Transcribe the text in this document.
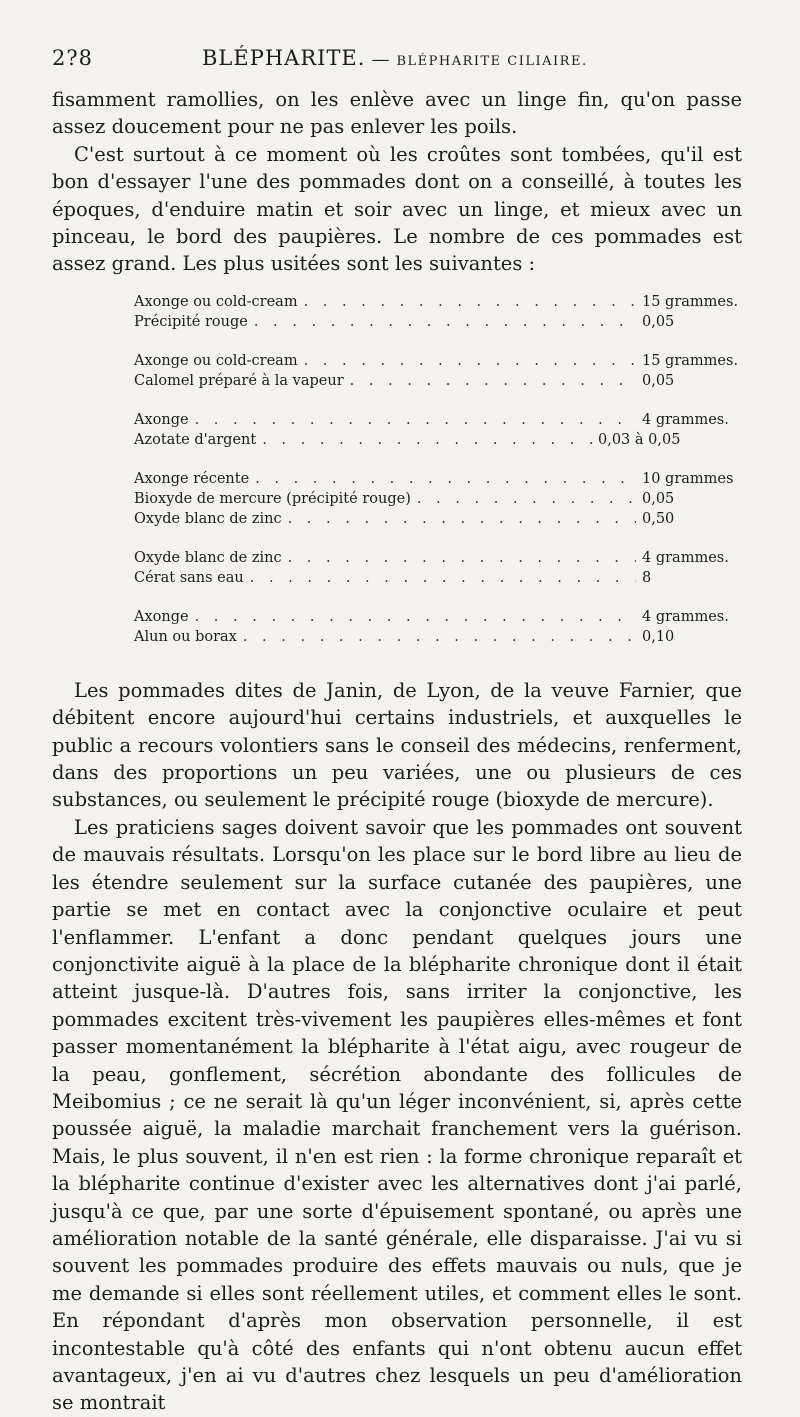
2?8	BLÉPHARITE. — BLÉPHARITE CILIAIRE.

fisamment ramollies, on les enlève avec un linge fin, qu'on passe assez doucement pour ne pas enlever les poils.

C'est surtout à ce moment où les croûtes sont tombées, qu'il est bon d'essayer l'une des pommades dont on a conseillé, à toutes les époques, d'enduire matin et soir avec un linge, et mieux avec un pinceau, le bord des paupières. Le nombre de ces pommades est assez grand. Les plus usitées sont les suivantes :

Axonge ou cold-cream . . .	15 grammes.
Précipité rouge . . .	0,05
Axonge ou cold-cream . . .	15 grammes.
Calomel préparé à la vapeur . . .	0,05
Axonge . . .	4 grammes.
Azotate d'argent . . .	0,03 à 0,05
Axonge récente . . .	10 grammes
Bioxyde de mercure (précipité rouge) . . .	0,05
Oxyde blanc de zinc . . .	0,50
Oxyde blanc de zinc . . .	4 grammes.
Cérat sans eau . . .	8
Axonge . . .	4 grammes.
Alun ou borax . . .	0,10

Les pommades dites de Janin, de Lyon, de la veuve Farnier, que débitent encore aujourd'hui certains industriels, et auxquelles le public a recours volontiers sans le conseil des médecins, renferment, dans des proportions un peu variées, une ou plusieurs de ces substances, ou seulement le précipité rouge (bioxyde de mercure).

Les praticiens sages doivent savoir que les pommades ont souvent de mauvais résultats. Lorsqu'on les place sur le bord libre au lieu de les étendre seulement sur la surface cutanée des paupières, une partie se met en contact avec la conjonctive oculaire et peut l'enflammer. L'enfant a donc pendant quelques jours une conjonctivite aiguë à la place de la blépharite chronique dont il était atteint jusque-là. D'autres fois, sans irriter la conjonctive, les pommades excitent très-vivement les paupières elles-mêmes et font passer momentanément la blépharite à l'état aigu, avec rougeur de la peau, gonflement, sécrétion abondante des follicules de Meibomius ; ce ne serait là qu'un léger inconvénient, si, après cette poussée aiguë, la maladie marchait franchement vers la guérison. Mais, le plus souvent, il n'en est rien : la forme chronique reparaît et la blépharite continue d'exister avec les alternatives dont j'ai parlé, jusqu'à ce que, par une sorte d'épuisement spontané, ou après une amélioration notable de la santé générale, elle disparaisse. J'ai vu si souvent les pommades produire des effets mauvais ou nuls, que je me demande si elles sont réellement utiles, et comment elles le sont. En répondant d'après mon observation personnelle, il est incontestable qu'à côté des enfants qui n'ont obtenu aucun effet avantageux, j'en ai vu d'autres chez lesquels un peu d'amélioration se montrait
